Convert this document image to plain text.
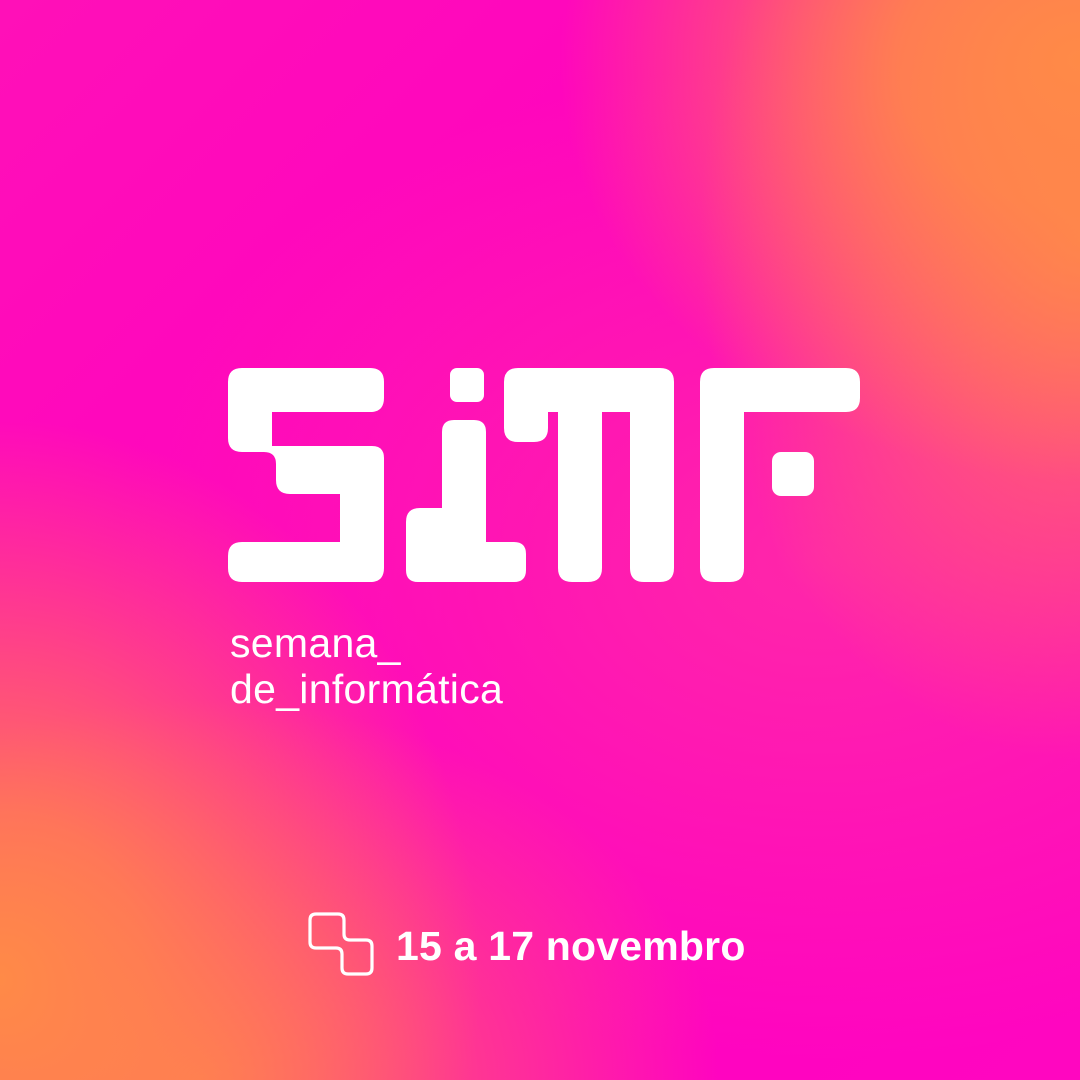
semana_
de_informática
15 a 17 novembro
